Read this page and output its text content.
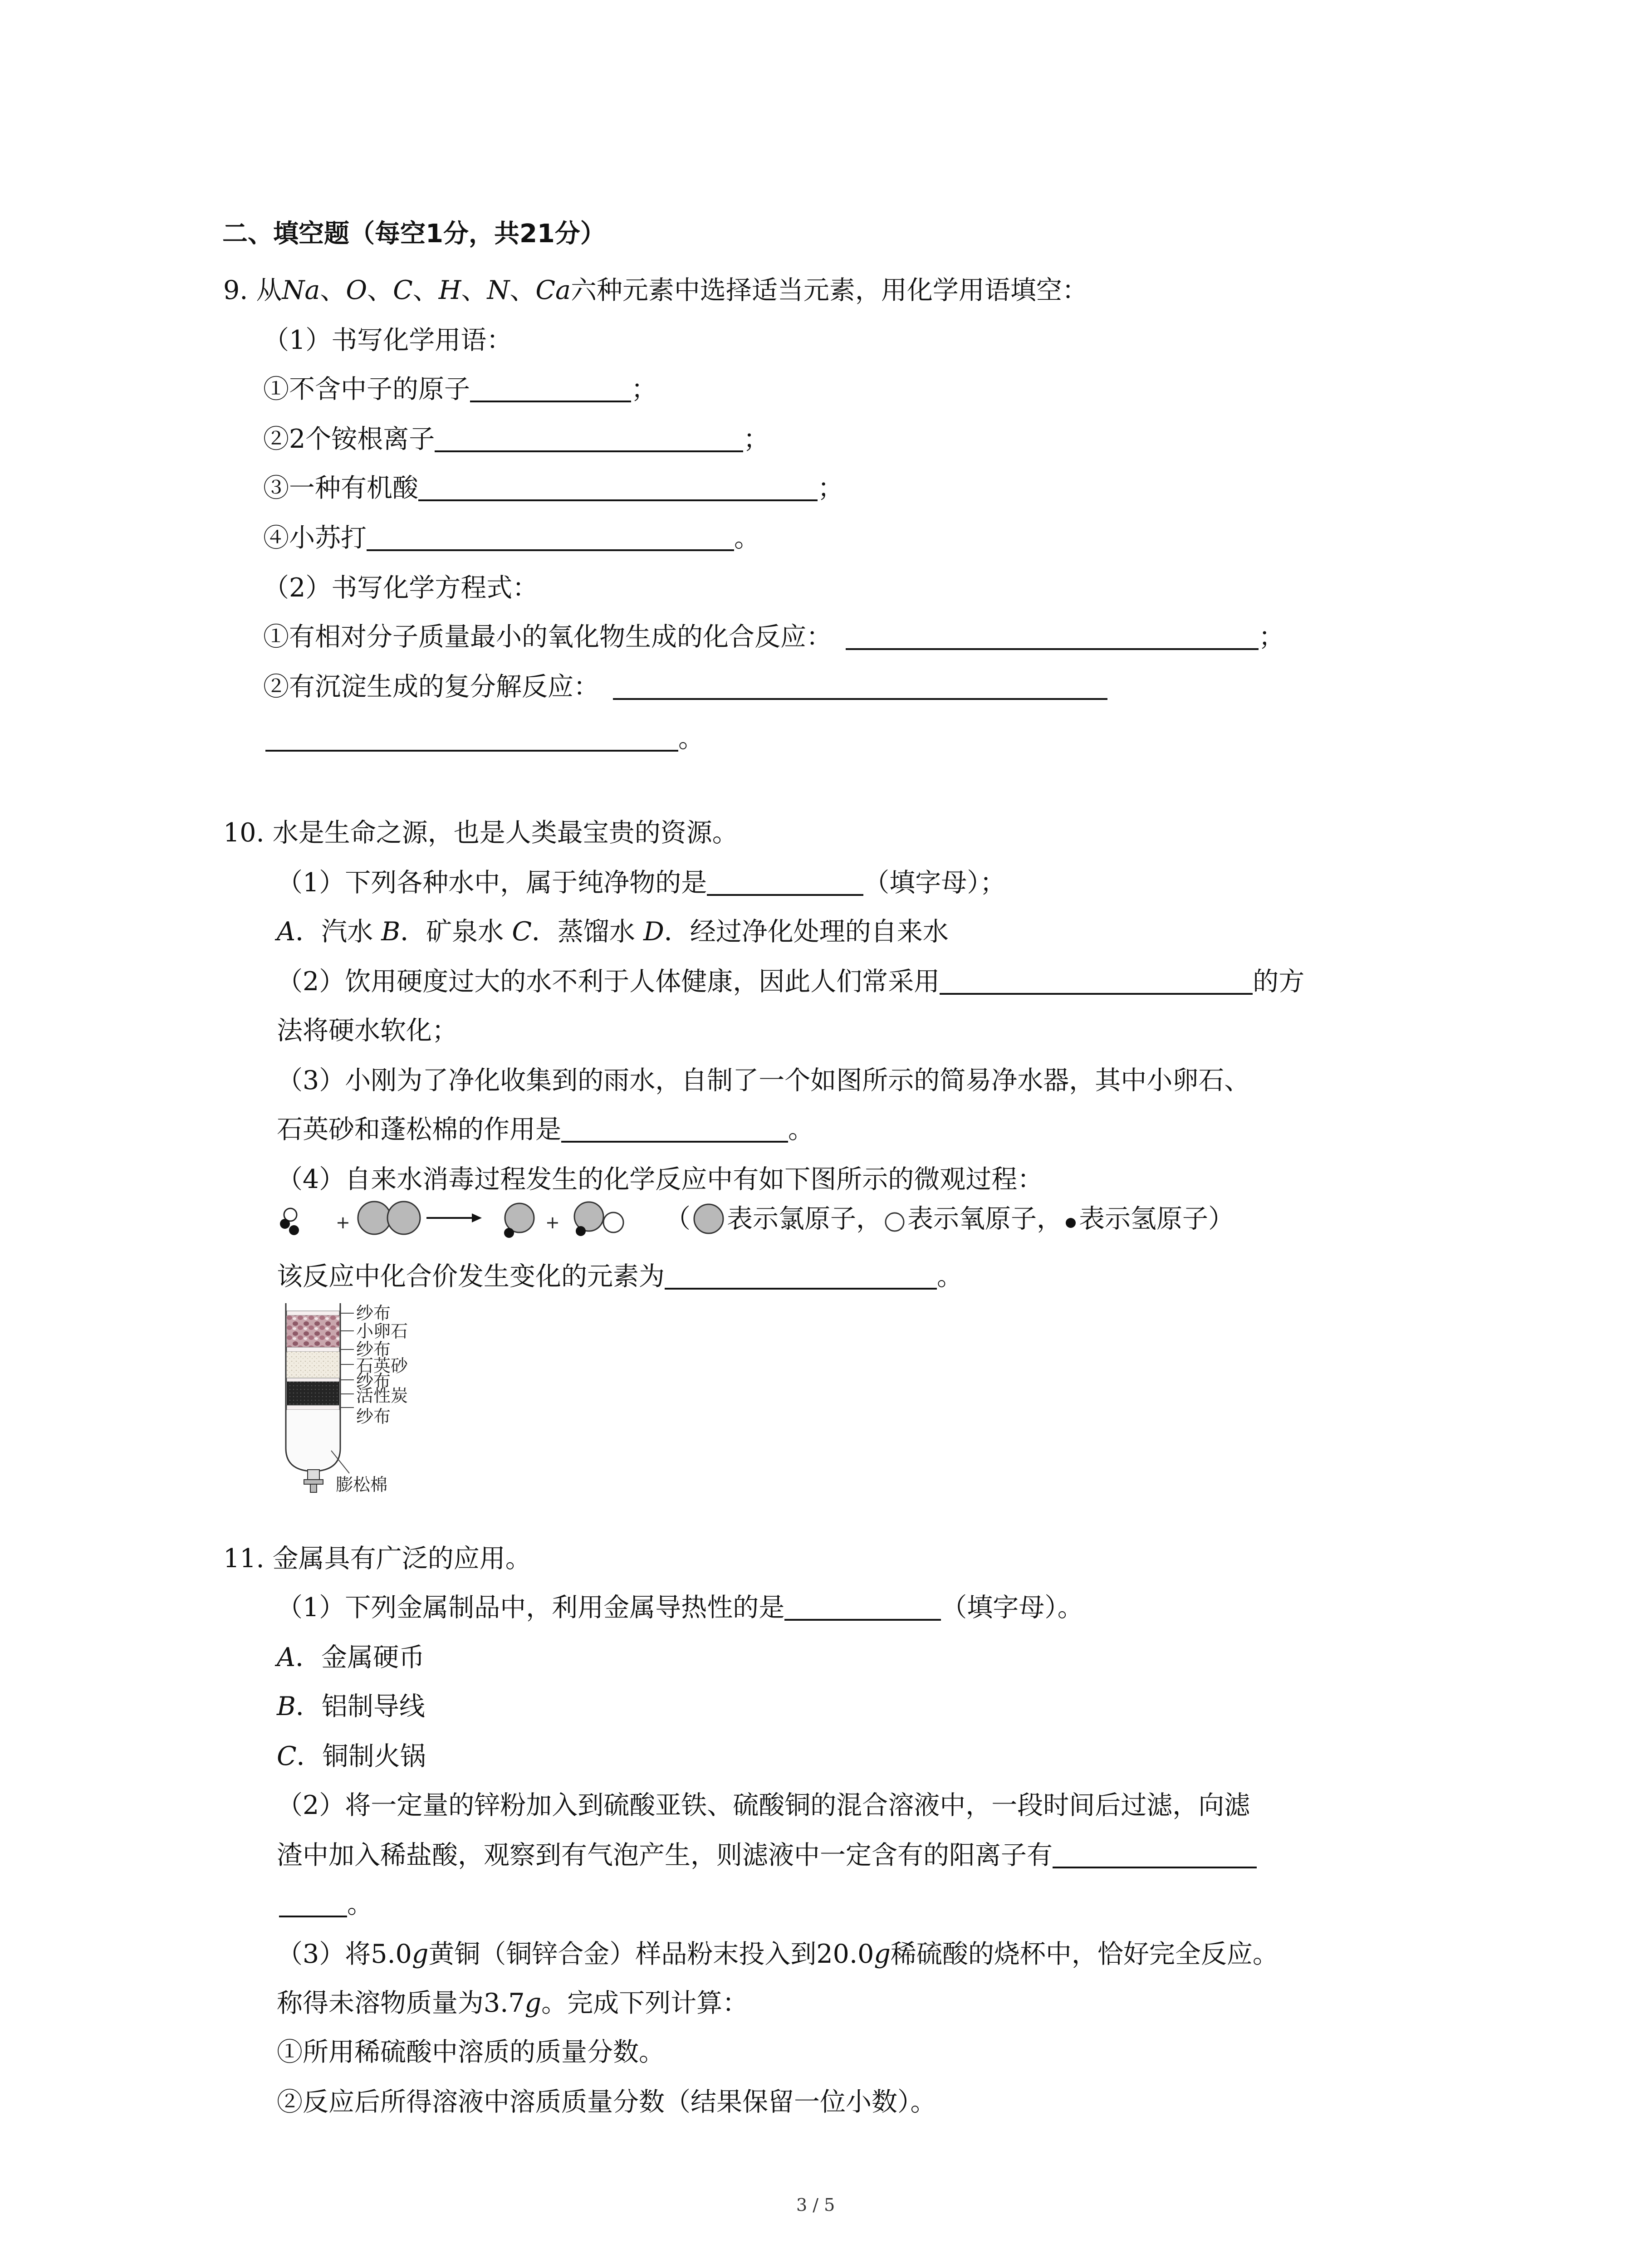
二、填空题（每空1分，共21分）
9. 从Na、O、C、H、N、Ca六种元素中选择适当元素，用化学用语填空：
（1）书写化学用语：
①不含中子的原子	；
②2个铵根离子	；
③一种有机酸	；
④小苏打	。
（2）书写化学方程式：
①有相对分子质量最小的氧化物生成的化合反应：	；
②有沉淀生成的复分解反应：
。
10. 水是生命之源，也是人类最宝贵的资源。
（1）下列各种水中，属于纯净物的是	（填字母）；
A．汽水 B．矿泉水 C．蒸馏水 D．经过净化处理的自来水
（2）饮用硬度过大的水不利于人体健康，因此人们常采用	的方
法将硬水软化；
（3）小刚为了净化收集到的雨水，自制了一个如图所示的简易净水器，其中小卵石、
石英砂和蓬松棉的作用是	。
（4）自来水消毒过程发生的化学反应中有如下图所示的微观过程：
+	+	（ 表示氯原子， 表示氧原子， 表示氢原子）
该反应中化合价发生变化的元素为	。
纱布
小卵石
纱布
石英砂
纱布
活性炭
纱布
膨松棉
11. 金属具有广泛的应用。
（1）下列金属制品中，利用金属导热性的是	（填字母）。
A．金属硬币
B．铝制导线
C．铜制火锅
（2）将一定量的锌粉加入到硫酸亚铁、硫酸铜的混合溶液中，一段时间后过滤，向滤
渣中加入稀盐酸，观察到有气泡产生，则滤液中一定含有的阳离子有
。
（3）将5.0g黄铜（铜锌合金）样品粉末投入到20.0g稀硫酸的烧杯中，恰好完全反应。
称得未溶物质量为3.7g。完成下列计算：
①所用稀硫酸中溶质的质量分数。
②反应后所得溶液中溶质质量分数（结果保留一位小数）。
3 / 5
